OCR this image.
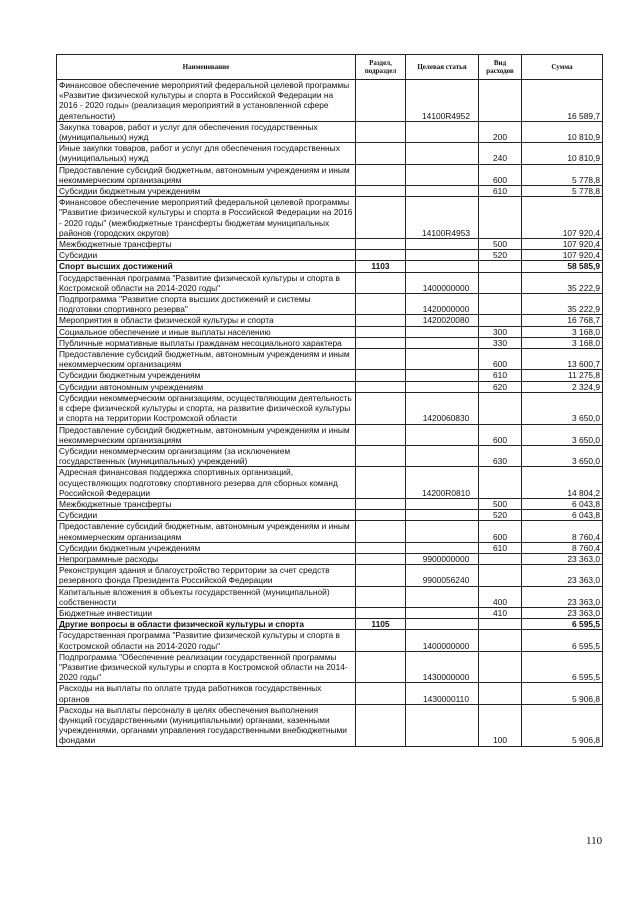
Наименование	Раздел, подраздел	Целевая статья	Вид расходов	Сумма
Финансовое обеспечение мероприятий федеральной целевой программы «Развитие физической культуры и спорта в Российской Федерации на 2016 - 2020 годы» (реализация мероприятий в установленной сфере деятельности)		14100R4952		16 589,7
Закупка товаров, работ и услуг для обеспечения государственных (муниципальных) нужд			200	10 810,9
Иные закупки товаров, работ и услуг для обеспечения государственных (муниципальных) нужд			240	10 810,9
Предоставление субсидий бюджетным, автономным учреждениям и иным некоммерческим организациям			600	5 778,8
Субсидии бюджетным учреждениям			610	5 778,8
Финансовое обеспечение мероприятий федеральной целевой программы "Развитие физической культуры и спорта в Российской Федерации на 2016 - 2020 годы" (межбюджетные трансферты бюджетам муниципальных районов (городских округов)		14100R4953		107 920,4
Межбюджетные трансферты			500	107 920,4
Субсидии			520	107 920,4
Спорт высших достижений	1103			58 585,9
Государственная программа "Развитие физической культуры и спорта в Костромской области на 2014-2020 годы"		1400000000		35 222,9
Подпрограмма "Развитие спорта высших достижений и системы подготовки спортивного резерва"		1420000000		35 222,9
Мероприятия в области физической культуры и спорта		1420020080		16 768,7
Социальное обеспечение и иные выплаты населению			300	3 168,0
Публичные нормативные выплаты гражданам несоциального характера			330	3 168,0
Предоставление субсидий бюджетным, автономным учреждениям и иным некоммерческим организациям			600	13 600,7
Субсидии бюджетным учреждениям			610	11 275,8
Субсидии автономным учреждениям			620	2 324,9
Субсидии некоммерческим организациям, осуществляющим деятельность в сфере физической культуры и спорта, на развитие физической культуры и спорта на территории Костромской области		1420060830		3 650,0
Предоставление субсидий бюджетным, автономным учреждениям и иным некоммерческим организациям			600	3 650,0
Субсидии некоммерческим организациям (за исключением государственных (муниципальных) учреждений)			630	3 650,0
Адресная финансовая поддержка спортивных организаций, осуществляющих подготовку спортивного резерва для сборных команд Российской Федерации		14200R0810		14 804,2
Межбюджетные трансферты			500	6 043,8
Субсидии			520	6 043,8
Предоставление субсидий бюджетным, автономным учреждениям и иным некоммерческим организациям			600	8 760,4
Субсидии бюджетным учреждениям			610	8 760,4
Непрограммные расходы		9900000000		23 363,0
Реконструкция здания и благоустройство территории за счет средств резервного фонда Президента Российской Федерации		9900056240		23 363,0
Капитальные вложения в объекты государственной (муниципальной) собственности			400	23 363,0
Бюджетные инвестиции			410	23 363,0
Другие вопросы в области физической культуры и спорта	1105			6 595,5
Государственная программа "Развитие физической культуры и спорта в Костромской области на 2014-2020 годы"		1400000000		6 595,5
Подпрограмма "Обеспечение реализации государственной программы "Развитие физической культуры и спорта в Костромской области на 2014-2020 годы"		1430000000		6 595,5
Расходы на выплаты по оплате труда работников государственных органов		1430000110		5 906,8
Расходы на выплаты персоналу в целях обеспечения выполнения функций государственными (муниципальными) органами, казенными учреждениями, органами управления государственными внебюджетными фондами			100	5 906,8
110
